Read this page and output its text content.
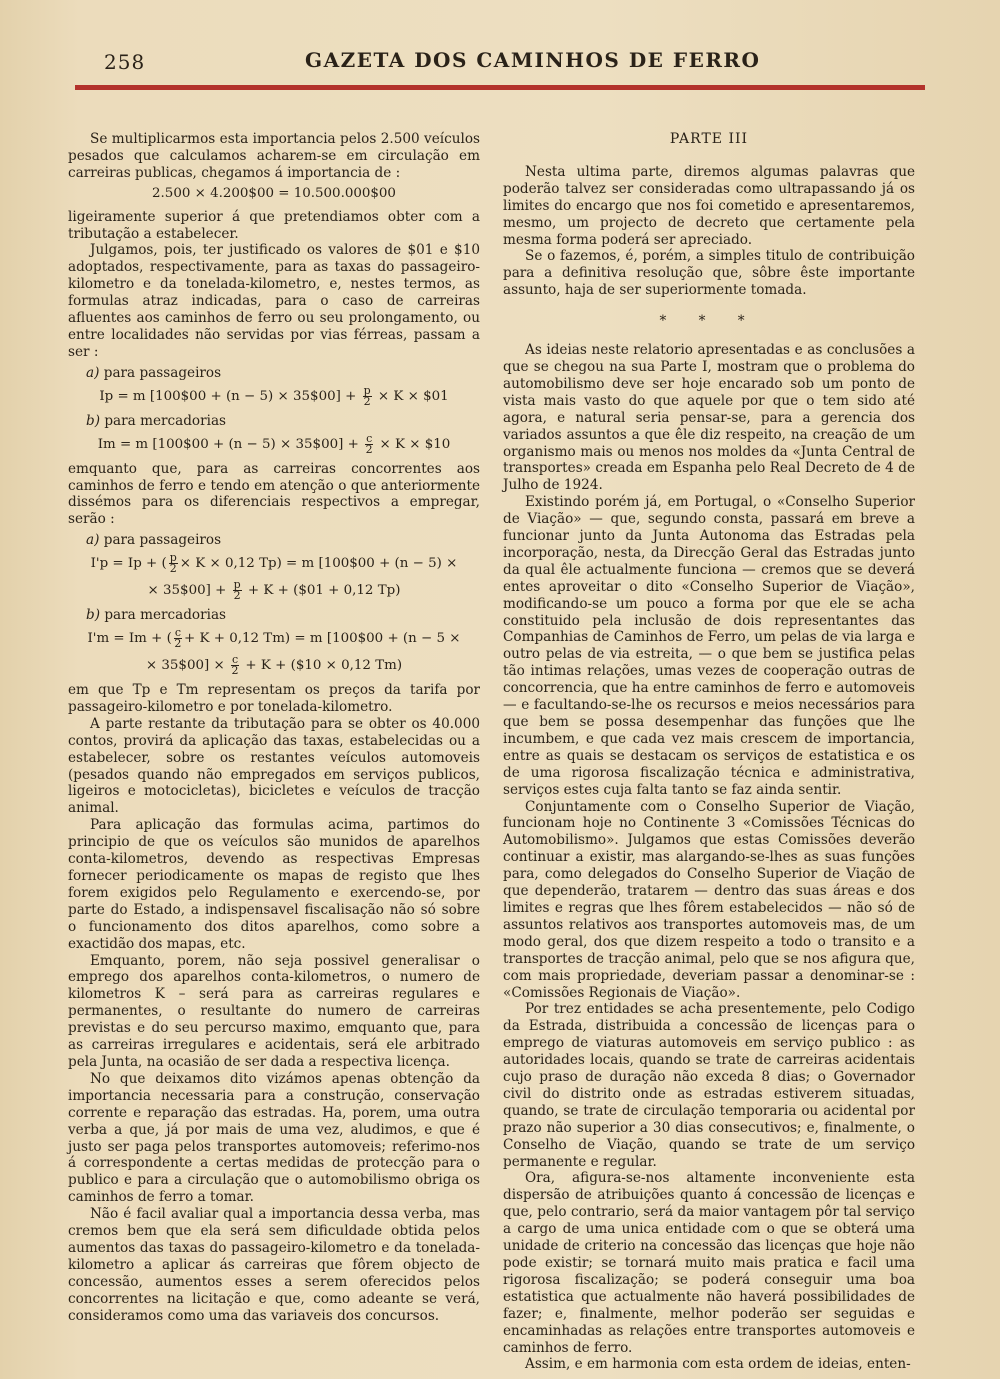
258	GAZETA DOS CAMINHOS DE FERRO

Se multiplicarmos esta importancia pelos 2.500 veículos pesados que calculamos acharem-se em circulação em carreiras publicas, chegamos á importancia de :

2.500 × 4.200$00 = 10.500.000$00

ligeiramente superior á que pretendiamos obter com a tributação a estabelecer.

Julgamos, pois, ter justificado os valores de $01 e $10 adoptados, respectivamente, para as taxas do passageiro-kilometro e da tonelada-kilometro, e, nestes termos, as formulas atraz indicadas, para o caso de carreiras afluentes aos caminhos de ferro ou seu prolongamento, ou entre localidades não servidas por vias férreas, passam a ser :

a) para passageiros
Ip = m [100$00 + (n − 5) × 35$00] + $\frac{p}{2} \times K$ × $01
b) para mercadorias
Im = m [100$00 + (n − 5) × 35$00] + $\frac{c}{2} \times K$ × $10

emquanto que, para as carreiras concorrentes aos caminhos de ferro e tendo em atenção o que anteriormente dissémos para os diferenciais respectivos a empregar, serão :

a) para passageiros
I'p = Ip + ( $\frac{p}{2} \times K \times 0,12$ Tp) = m [100$00 + (n − 5) ×
× 35$00] + $\frac{p}{2} + K$ + ($01 + 0,12 Tp)
b) para mercadorias
I'm = Im + ( $\frac{c}{2} + K + 0,12$ Tm) = m [100$00 + (n − 5 ×
× 35$00] × $\frac{c}{2} + K$ + ($10 × 0,12 Tm)

em que Tp e Tm representam os preços da tarifa por passageiro-kilometro e por tonelada-kilometro.

A parte restante da tributação para se obter os 40.000 contos, provirá da aplicação das taxas, estabelecidas ou a estabelecer, sobre os restantes veículos automoveis (pesados quando não empregados em serviços publicos, ligeiros e motocicletas), bicicletes e veículos de tracção animal.

Para aplicação das formulas acima, partimos do principio de que os veículos são munidos de aparelhos conta-kilometros, devendo as respectivas Empresas fornecer periodicamente os mapas de registo que lhes forem exigidos pelo Regulamento e exercendo-se, por parte do Estado, a indispensavel fiscalisação não só sobre o funcionamento dos ditos aparelhos, como sobre a exactidão dos mapas, etc.

Emquanto, porem, não seja possivel generalisar o emprego dos aparelhos conta-kilometros, o numero de kilometros K – será para as carreiras regulares e permanentes, o resultante do numero de carreiras previstas e do seu percurso maximo, emquanto que, para as carreiras irregulares e acidentais, será ele arbitrado pela Junta, na ocasião de ser dada a respectiva licença.

No que deixamos dito vizámos apenas obtenção da importancia necessaria para a construção, conservação corrente e reparação das estradas. Ha, porem, uma outra verba a que, já por mais de uma vez, aludimos, e que é justo ser paga pelos transportes automoveis; referimo-nos á correspondente a certas medidas de protecção para o publico e para a circulação que o automobilismo obriga os caminhos de ferro a tomar.

Não é facil avaliar qual a importancia dessa verba, mas cremos bem que ela será sem dificuldade obtida pelos aumentos das taxas do passageiro-kilometro e da tonelada-kilometro a aplicar ás carreiras que fôrem objecto de concessão, aumentos esses a serem oferecidos pelos concorrentes na licitação e que, como adeante se verá, consideramos como uma das variaveis dos concursos.

PARTE III

Nesta ultima parte, diremos algumas palavras que poderão talvez ser consideradas como ultrapassando já os limites do encargo que nos foi cometido e apresentaremos, mesmo, um projecto de decreto que certamente pela mesma forma poderá ser apreciado.

Se o fazemos, é, porém, a simples titulo de contribuição para a definitiva resolução que, sôbre êste importante assunto, haja de ser superiormente tomada.

* * *

As ideias neste relatorio apresentadas e as conclusões a que se chegou na sua Parte I, mostram que o problema do automobilismo deve ser hoje encarado sob um ponto de vista mais vasto do que aquele por que o tem sido até agora, e natural seria pensar-se, para a gerencia dos variados assuntos a que êle diz respeito, na creação de um organismo mais ou menos nos moldes da «Junta Central de transportes» creada em Espanha pelo Real Decreto de 4 de Julho de 1924.

Existindo porém já, em Portugal, o «Conselho Superior de Viação» — que, segundo consta, passará em breve a funcionar junto da Junta Autonoma das Estradas pela incorporação, nesta, da Direcção Geral das Estradas junto da qual êle actualmente funciona — cremos que se deverá entes aproveitar o dito «Conselho Superior de Viação», modificando-se um pouco a forma por que ele se acha constituido pela inclusão de dois representantes das Companhias de Caminhos de Ferro, um pelas de via larga e outro pelas de via estreita, — o que bem se justifica pelas tão intimas relações, umas vezes de cooperação outras de concorrencia, que ha entre caminhos de ferro e automoveis — e facultando-se-lhe os recursos e meios necessários para que bem se possa desempenhar das funções que lhe incumbem, e que cada vez mais crescem de importancia, entre as quais se destacam os serviços de estatistica e os de uma rigorosa fiscalização técnica e administrativa, serviços estes cuja falta tanto se faz ainda sentir.

Conjuntamente com o Conselho Superior de Viação, funcionam hoje no Continente 3 «Comissões Técnicas do Automobilismo». Julgamos que estas Comissões deverão continuar a existir, mas alargando-se-lhes as suas funções para, como delegados do Conselho Superior de Viação de que dependerão, tratarem — dentro das suas áreas e dos limites e regras que lhes fôrem estabelecidos — não só de assuntos relativos aos transportes automoveis mas, de um modo geral, dos que dizem respeito a todo o transito e a transportes de tracção animal, pelo que se nos afigura que, com mais propriedade, deveriam passar a denominar-se : «Comissões Regionais de Viação».

Por trez entidades se acha presentemente, pelo Codigo da Estrada, distribuida a concessão de licenças para o emprego de viaturas automoveis em serviço publico : as autoridades locais, quando se trate de carreiras acidentais cujo praso de duração não exceda 8 dias; o Governador civil do distrito onde as estradas estiverem situadas, quando, se trate de circulação temporaria ou acidental por prazo não superior a 30 dias consecutivos; e, finalmente, o Conselho de Viação, quando se trate de um serviço permanente e regular.

Ora, afigura-se-nos altamente inconveniente esta dispersão de atribuições quanto á concessão de licenças e que, pelo contrario, será da maior vantagem pôr tal serviço a cargo de uma unica entidade com o que se obterá uma unidade de criterio na concessão das licenças que hoje não pode existir; se tornará muito mais pratica e facil uma rigorosa fiscalização; se poderá conseguir uma boa estatistica que actualmente não haverá possibilidades de fazer; e, finalmente, melhor poderão ser seguidas e encaminhadas as relações entre transportes automoveis e caminhos de ferro.

Assim, e em harmonia com esta ordem de ideias, enten-
